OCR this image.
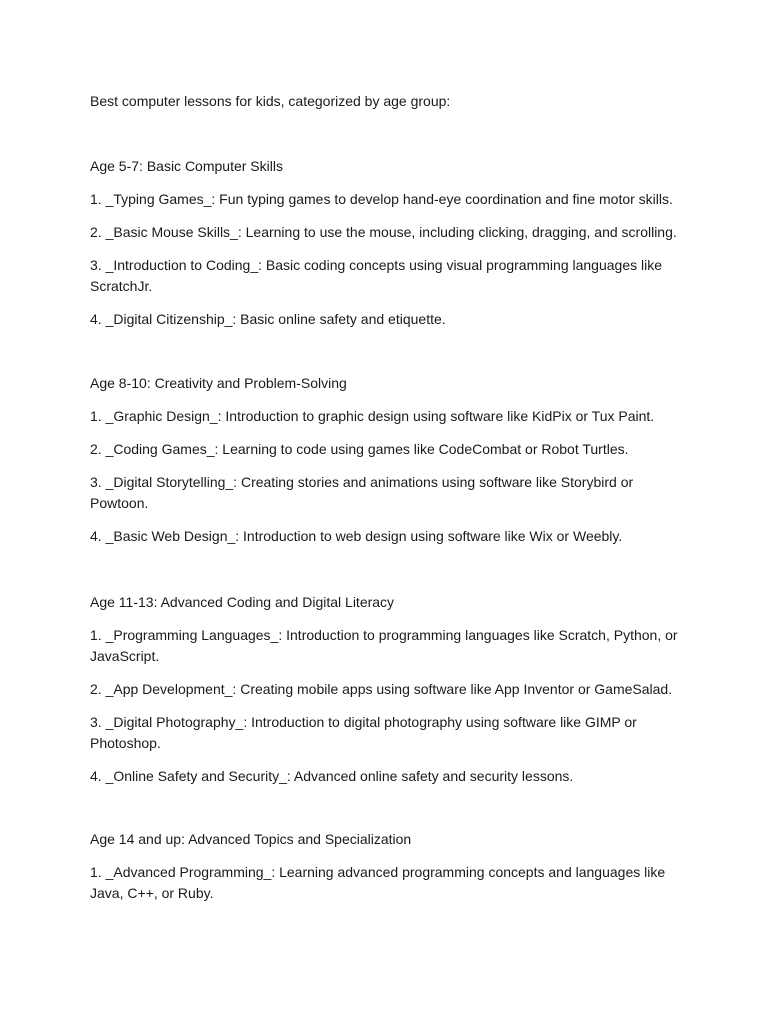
Best computer lessons for kids, categorized by age group:

Age 5-7: Basic Computer Skills

1. _Typing Games_: Fun typing games to develop hand-eye coordination and fine motor skills.

2. _Basic Mouse Skills_: Learning to use the mouse, including clicking, dragging, and scrolling.

3. _Introduction to Coding_: Basic coding concepts using visual programming languages like ScratchJr.

4. _Digital Citizenship_: Basic online safety and etiquette.

Age 8-10: Creativity and Problem-Solving

1. _Graphic Design_: Introduction to graphic design using software like KidPix or Tux Paint.

2. _Coding Games_: Learning to code using games like CodeCombat or Robot Turtles.

3. _Digital Storytelling_: Creating stories and animations using software like Storybird or Powtoon.

4. _Basic Web Design_: Introduction to web design using software like Wix or Weebly.

Age 11-13: Advanced Coding and Digital Literacy

1. _Programming Languages_: Introduction to programming languages like Scratch, Python, or JavaScript.

2. _App Development_: Creating mobile apps using software like App Inventor or GameSalad.

3. _Digital Photography_: Introduction to digital photography using software like GIMP or Photoshop.

4. _Online Safety and Security_: Advanced online safety and security lessons.

Age 14 and up: Advanced Topics and Specialization

1. _Advanced Programming_: Learning advanced programming concepts and languages like Java, C++, or Ruby.
